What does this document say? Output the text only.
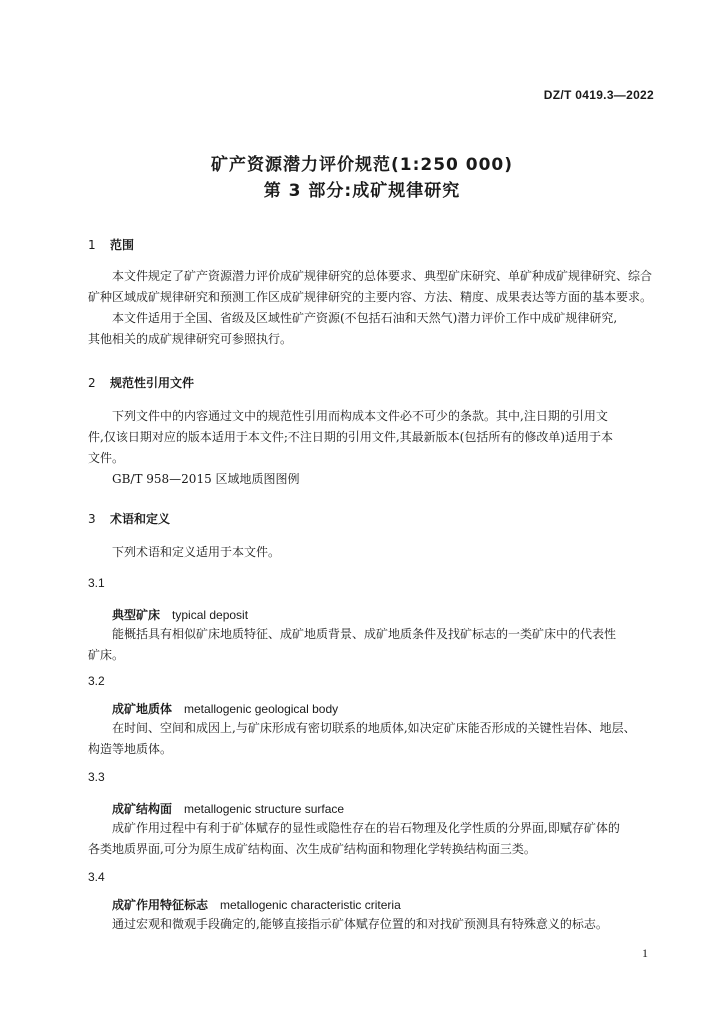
DZ/T 0419.3—2022
矿产资源潜力评价规范(1:250 000)
第 3 部分:成矿规律研究
1 范围
本文件规定了矿产资源潜力评价成矿规律研究的总体要求、典型矿床研究、单矿种成矿规律研究、综合
矿种区域成矿规律研究和预测工作区成矿规律研究的主要内容、方法、精度、成果表达等方面的基本要求。
本文件适用于全国、省级及区域性矿产资源(不包括石油和天然气)潜力评价工作中成矿规律研究,
其他相关的成矿规律研究可参照执行。
2 规范性引用文件
下列文件中的内容通过文中的规范性引用而构成本文件必不可少的条款。其中,注日期的引用文
件,仅该日期对应的版本适用于本文件;不注日期的引用文件,其最新版本(包括所有的修改单)适用于本
文件。
GB/T 958—2015 区域地质图图例
3 术语和定义
下列术语和定义适用于本文件。
3.1
典型矿床 typical deposit
能概括具有相似矿床地质特征、成矿地质背景、成矿地质条件及找矿标志的一类矿床中的代表性
矿床。
3.2
成矿地质体 metallogenic geological body
在时间、空间和成因上,与矿床形成有密切联系的地质体,如决定矿床能否形成的关键性岩体、地层、
构造等地质体。
3.3
成矿结构面 metallogenic structure surface
成矿作用过程中有利于矿体赋存的显性或隐性存在的岩石物理及化学性质的分界面,即赋存矿体的
各类地质界面,可分为原生成矿结构面、次生成矿结构面和物理化学转换结构面三类。
3.4
成矿作用特征标志 metallogenic characteristic criteria
通过宏观和微观手段确定的,能够直接指示矿体赋存位置的和对找矿预测具有特殊意义的标志。
1
